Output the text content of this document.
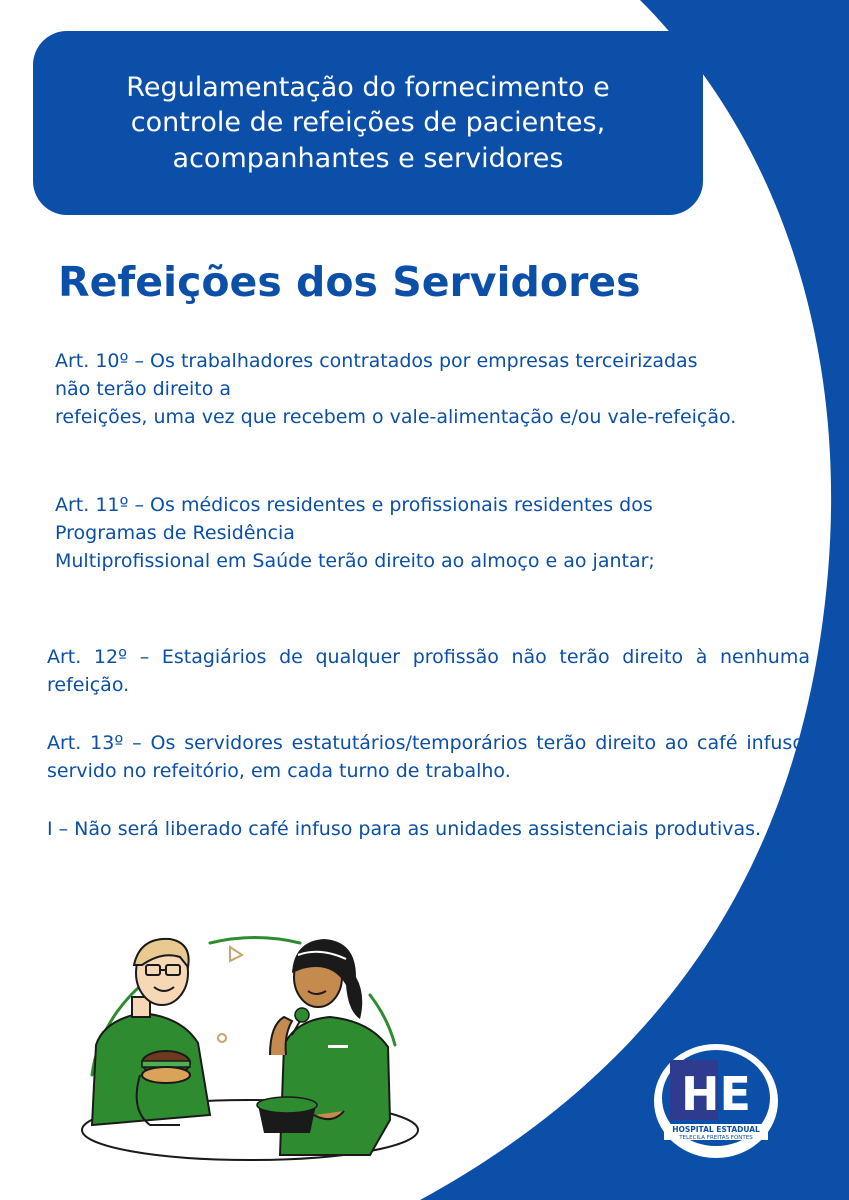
Regulamentação do fornecimento e
controle de refeições de pacientes,
acompanhantes e servidores
Refeições dos Servidores

Art. 10º – Os trabalhadores contratados por empresas terceirizadas
não terão direito a
refeições, uma vez que recebem o vale-alimentação e/ou vale-refeição.

Art. 11º – Os médicos residentes e profissionais residentes dos
Programas de Residência
Multiprofissional em Saúde terão direito ao almoço e ao jantar;

Art. 12º – Estagiários de qualquer profissão não terão direito à nenhuma refeição.

Art. 13º – Os servidores estatutários/temporários terão direito ao café infuso, servido no refeitório, em cada turno de trabalho.

I – Não será liberado café infuso para as unidades assistenciais produtivas.

HE
HOSPITAL ESTADUAL
TELECILA FREITAS FONTES
